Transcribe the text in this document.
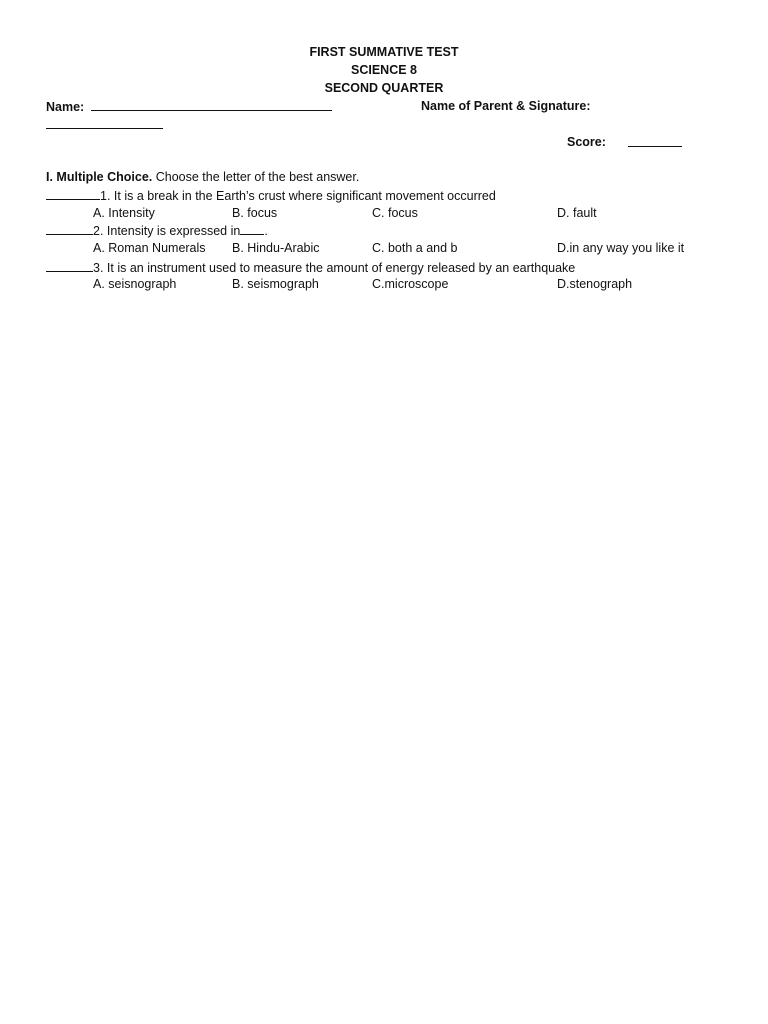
FIRST SUMMATIVE TEST
SCIENCE 8
SECOND QUARTER
Name:	Name of Parent & Signature:
Score:
I. Multiple Choice. Choose the letter of the best answer.
1. It is a break in the Earth’s crust where significant movement occurred
A. Intensity	B. focus	C. focus	D. fault
2. Intensity is expressed in .
A. Roman Numerals B. Hindu-Arabic	C. both a and b	D.in any way you like it
3. It is an instrument used to measure the amount of energy released by an earthquake
A. seisnograph	B. seismograph	C.microscope	D.stenograph
